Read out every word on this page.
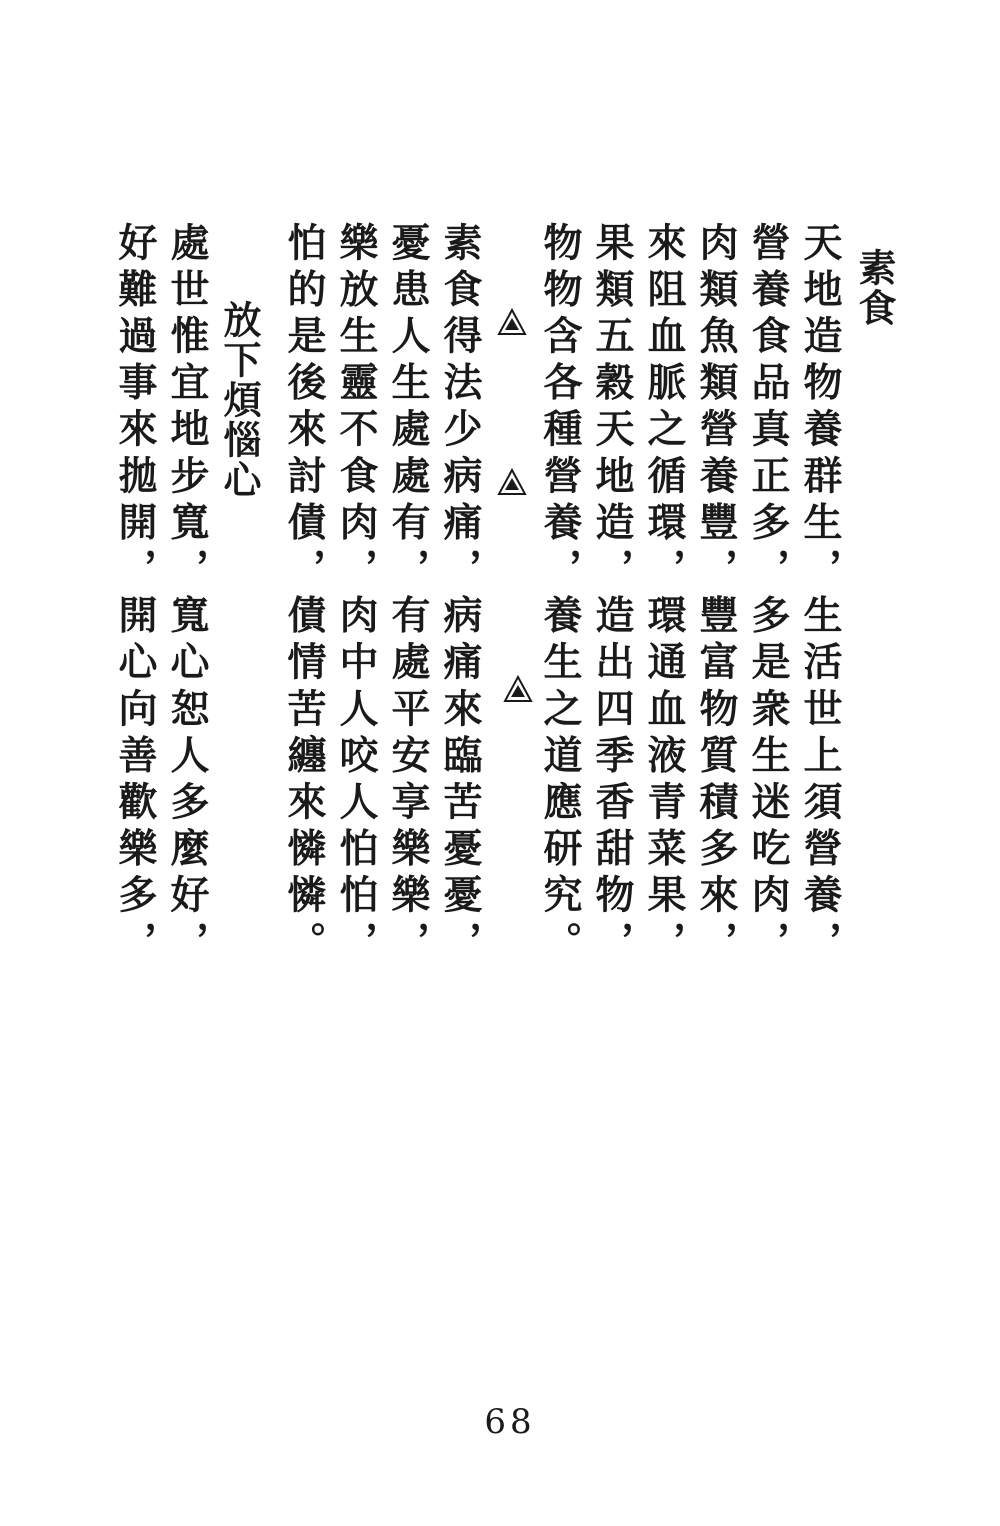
素食
天地造物養群生，生活世上須營養，
營養食品真正多，多是衆生迷吃肉，
肉類魚類營養豐，豐富物質積多來，
來阻血脈之循環，環通血液青菜果，
果類五穀天地造，造出四季香甜物，
物物含各種營養，養生之道應研究。
素食得法少病痛，病痛來臨苦憂憂，
憂患人生處處有，有處平安享樂樂，
樂放生靈不食肉，肉中人咬人怕怕，
怕的是後來討債，債情苦纏來憐憐。
放下煩惱心
處世惟宜地步寬，寬心恕人多麼好，
好難過事來拋開，開心向善歡樂多，
68
